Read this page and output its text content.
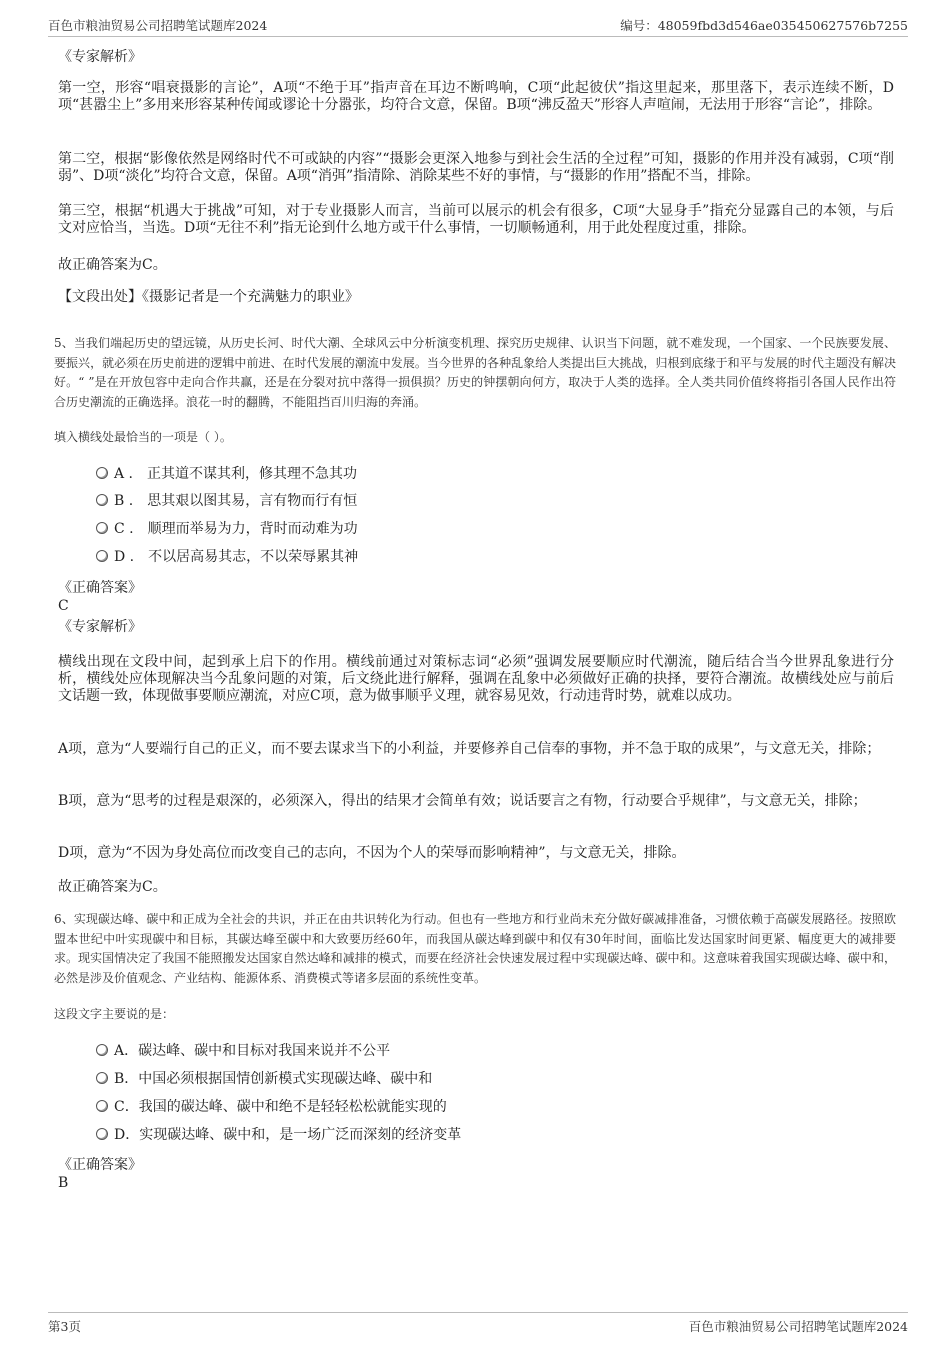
百色市粮油贸易公司招聘笔试题库2024	编号：48059fbd3d546ae035450627576b7255

《专家解析》

第一空，形容“唱衰摄影的言论”，A项“不绝于耳”指声音在耳边不断鸣响，C项“此起彼伏”指这里起来，那里落下，表示连续不断，D项“甚嚣尘上”多用来形容某种传闻或谬论十分嚣张，均符合文意，保留。B项“沸反盈天”形容人声喧闹，无法用于形容“言论”，排除。

第二空，根据“影像依然是网络时代不可或缺的内容”“摄影会更深入地参与到社会生活的全过程”可知，摄影的作用并没有减弱，C项“削弱”、D项“淡化”均符合文意，保留。A项“消弭”指清除、消除某些不好的事情，与“摄影的作用”搭配不当，排除。

第三空，根据“机遇大于挑战”可知，对于专业摄影人而言，当前可以展示的机会有很多，C项“大显身手”指充分显露自己的本领，与后文对应恰当，当选。D项“无往不利”指无论到什么地方或干什么事情，一切顺畅通利，用于此处程度过重，排除。

故正确答案为C。

【文段出处】《摄影记者是一个充满魅力的职业》

5、当我们端起历史的望远镜，从历史长河、时代大潮、全球风云中分析演变机理、探究历史规律、认识当下问题，就不难发现，一个国家、一个民族要发展、要振兴，就必须在历史前进的逻辑中前进、在时代发展的潮流中发展。当今世界的各种乱象给人类提出巨大挑战，归根到底缘于和平与发展的时代主题没有解决好。“ ”是在开放包容中走向合作共赢，还是在分裂对抗中落得一损俱损？历史的钟摆朝向何方，取决于人类的选择。全人类共同价值终将指引各国人民作出符合历史潮流的正确选择。浪花一时的翻腾，不能阻挡百川归海的奔涌。

填入横线处最恰当的一项是（ ）。

A .　正其道不谋其利，修其理不急其功
B .　思其艰以图其易，言有物而行有恒
C .　顺理而举易为力，背时而动难为功
D .　不以居高易其志，不以荣辱累其神

《正确答案》

C

《专家解析》

横线出现在文段中间，起到承上启下的作用。横线前通过对策标志词“必须”强调发展要顺应时代潮流，随后结合当今世界乱象进行分析，横线处应体现解决当今乱象问题的对策，后文绕此进行解释，强调在乱象中必须做好正确的抉择，要符合潮流。故横线处应与前后文话题一致，体现做事要顺应潮流，对应C项，意为做事顺乎义理，就容易见效，行动违背时势，就难以成功。

A项，意为“人要端行自己的正义，而不要去谋求当下的小利益，并要修养自己信奉的事物，并不急于取的成果”，与文意无关，排除；

B项，意为“思考的过程是艰深的，必须深入，得出的结果才会简单有效；说话要言之有物，行动要合乎规律”，与文意无关，排除；

D项，意为“不因为身处高位而改变自己的志向，不因为个人的荣辱而影响精神”，与文意无关，排除。

故正确答案为C。

6、实现碳达峰、碳中和正成为全社会的共识，并正在由共识转化为行动。但也有一些地方和行业尚未充分做好碳减排准备，习惯依赖于高碳发展路径。按照欧盟本世纪中叶实现碳中和目标，其碳达峰至碳中和大致要历经60年，而我国从碳达峰到碳中和仅有30年时间，面临比发达国家时间更紧、幅度更大的减排要求。现实国情决定了我国不能照搬发达国家自然达峰和减排的模式，而要在经济社会快速发展过程中实现碳达峰、碳中和。这意味着我国实现碳达峰、碳中和，必然是涉及价值观念、产业结构、能源体系、消费模式等诸多层面的系统性变革。

这段文字主要说的是：

A．碳达峰、碳中和目标对我国来说并不公平
B．中国必须根据国情创新模式实现碳达峰、碳中和
C．我国的碳达峰、碳中和绝不是轻轻松松就能实现的
D．实现碳达峰、碳中和，是一场广泛而深刻的经济变革

《正确答案》

B

第3页	百色市粮油贸易公司招聘笔试题库2024
